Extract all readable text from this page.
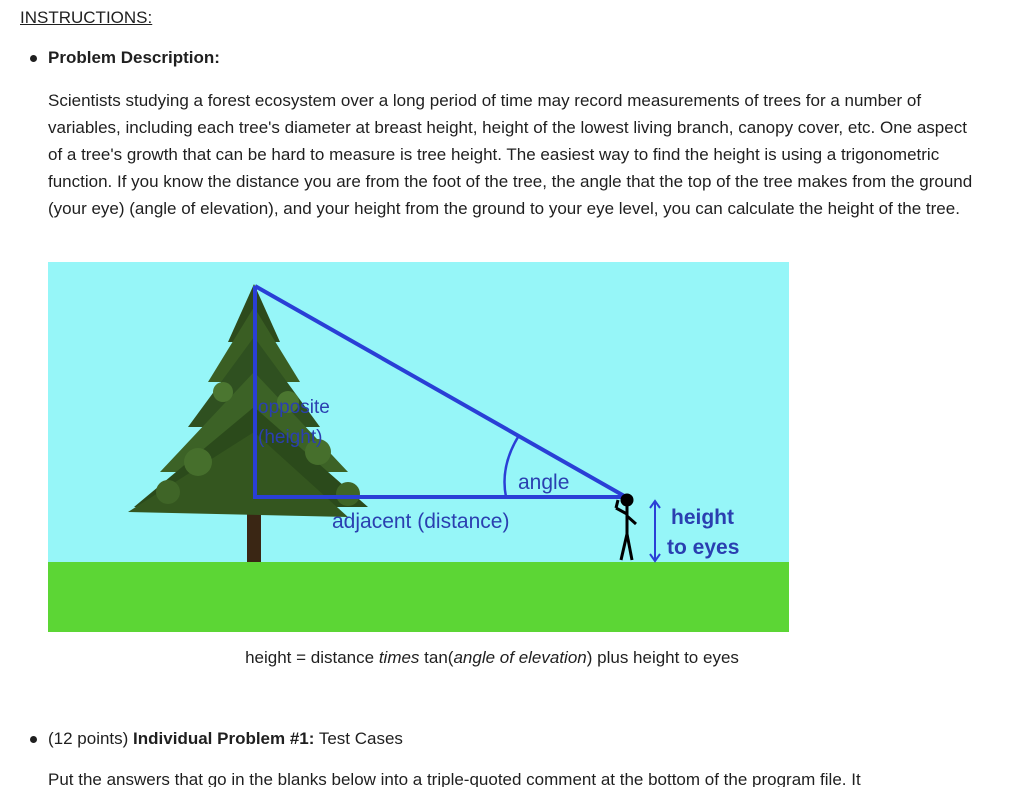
INSTRUCTIONS:
Problem Description:

Scientists studying a forest ecosystem over a long period of time may record measurements of trees for a number of variables, including each tree's diameter at breast height, height of the lowest living branch, canopy cover, etc. One aspect of a tree's growth that can be hard to measure is tree height. The easiest way to find the height is using a trigonometric function. If you know the distance you are from the foot of the tree, the angle that the top of the tree makes from the ground (your eye) (angle of elevation), and your height from the ground to your eye level, you can calculate the height of the tree.

opposite
(height)
angle
adjacent (distance)	height
to eyes
height = distance times tan(angle of elevation) plus height to eyes
(12 points) Individual Problem #1: Test Cases

Put the answers that go in the blanks below into a triple-quoted comment at the bottom of the program file. It
